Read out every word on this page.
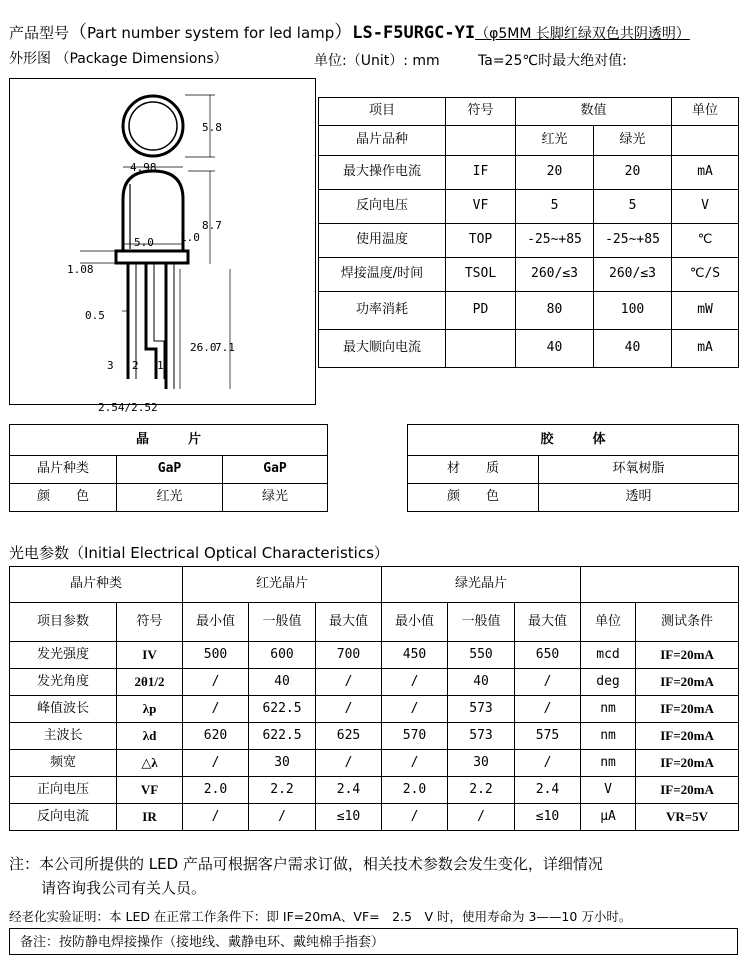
产品型号（Part number system for led lamp）LS-F5URGC-YI（φ5MM 长脚红绿双色共阴透明）
外形图 （Package Dimensions）	单位:（Unit）: mm	Ta=25℃时最大绝对值:
5.8
4.98
8.7
5.0 1.0
1.08
0.5
3 2 1
26.0
7.1
2.54/2.52
项目	符号	数值		单位
晶片品种		红光	绿光	
最大操作电流	IF	20	20	mA
反向电压	VF	5	5	V
使用温度	TOP	-25~+85	-25~+85	℃
焊接温度/时间	TSOL	260/≤3	260/≤3	℃/S
功率消耗	PD	80	100	mW
最大顺向电流		40	40	mA
晶　　　片		
晶片种类	GaP	GaP
颜　　色	红光	绿光
胶　　　体	
材　　质	环氧树脂
颜　　色	透明
光电参数（Initial Electrical Optical Characteristics）
晶片种类		红光晶片			绿光晶片				
项目参数	符号	最小值	一般值	最大值	最小值	一般值	最大值	单位	测试条件
发光强度	IV	500	600	700	450	550	650	mcd	IF=20mA
发光角度	2θ1/2	/	40	/	/	40	/	deg	IF=20mA
峰值波长	λp	/	622.5	/	/	573	/	nm	IF=20mA
主波长	λd	620	622.5	625	570	573	575	nm	IF=20mA
频宽	△λ	/	30	/	/	30	/	nm	IF=20mA
正向电压	VF	2.0	2.2	2.4	2.0	2.2	2.4	V	IF=20mA
反向电流	IR	/	/	≤10	/	/	≤10	μA	VR=5V
注：本公司所提供的 LED 产品可根据客户需求订做，相关技术参数会发生变化，详细情况
请咨询我公司有关人员。
经老化实验证明：本 LED 在正常工作条件下：即 IF=20mA、VF=　2.5　V 时，使用寿命为 3——10 万小时。
备注：按防静电焊接操作（接地线、戴静电环、戴纯棉手指套）
